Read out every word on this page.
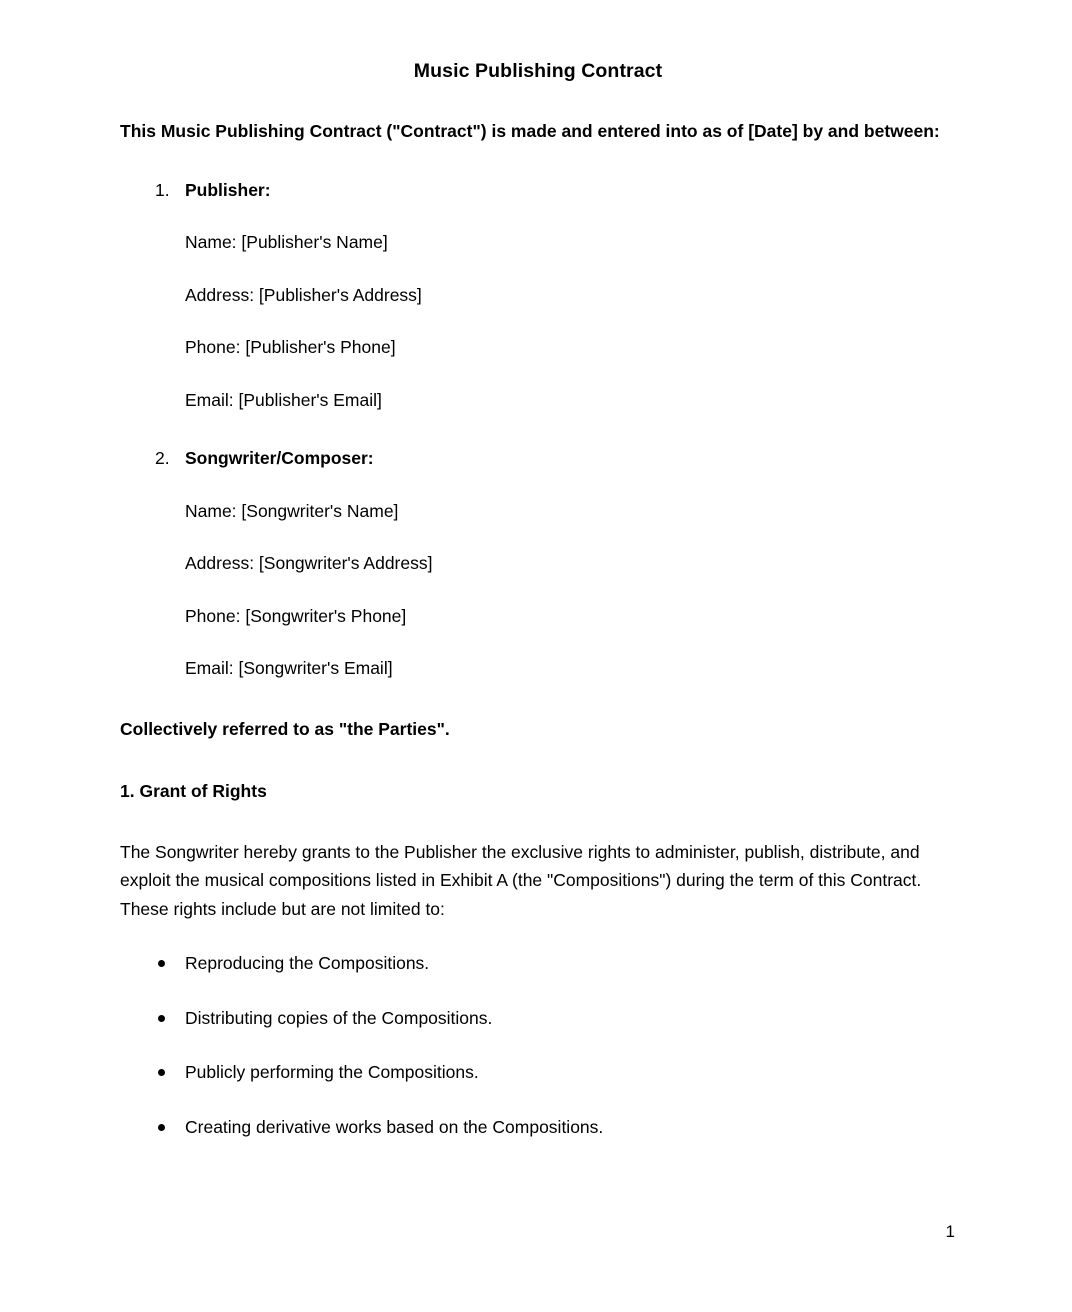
Music Publishing Contract

This Music Publishing Contract ("Contract") is made and entered into as of [Date] by and between:

Publisher:

Name: [Publisher's Name]

Address: [Publisher's Address]

Phone: [Publisher's Phone]

Email: [Publisher's Email]

Songwriter/Composer:

Name: [Songwriter's Name]

Address: [Songwriter's Address]

Phone: [Songwriter's Phone]

Email: [Songwriter's Email]

Collectively referred to as "the Parties".

1. Grant of Rights

The Songwriter hereby grants to the Publisher the exclusive rights to administer, publish, distribute, and exploit the musical compositions listed in Exhibit A (the "Compositions") during the term of this Contract. These rights include but are not limited to:

Reproducing the Compositions.
Distributing copies of the Compositions.
Publicly performing the Compositions.
Creating derivative works based on the Compositions.
1
